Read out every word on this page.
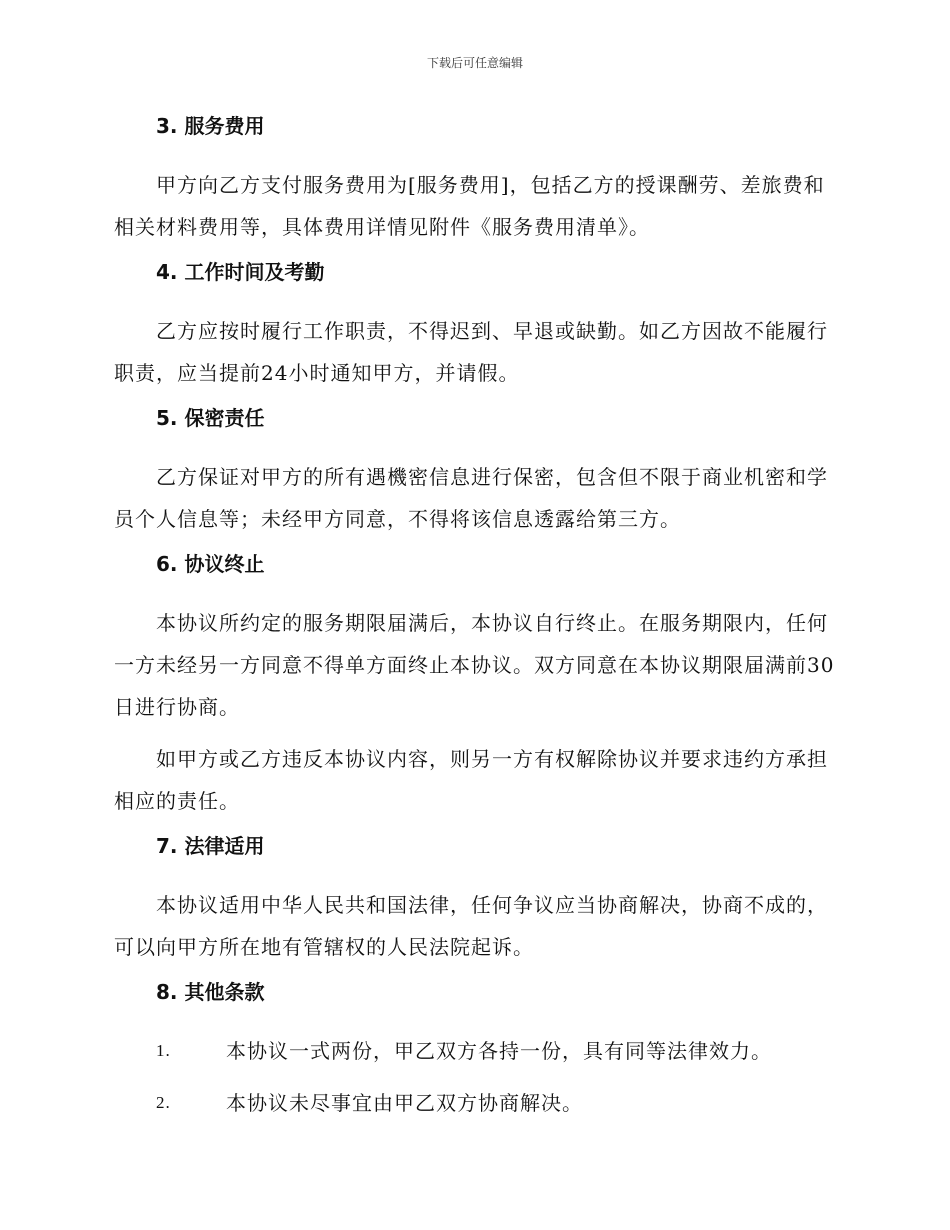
下载后可任意编辑
3. 服务费用

甲方向乙方支付服务费用为[服务费用]，包括乙方的授课酬劳、差旅费和相关材料费用等，具体费用详情见附件《服务费用清单》。

4. 工作时间及考勤

乙方应按时履行工作职责，不得迟到、早退或缺勤。如乙方因故不能履行职责，应当提前24小时通知甲方，并请假。

5. 保密责任

乙方保证对甲方的所有遇機密信息进行保密，包含但不限于商业机密和学员个人信息等；未经甲方同意，不得将该信息透露给第三方。

6. 协议终止

本协议所约定的服务期限届满后，本协议自行终止。在服务期限内，任何一方未经另一方同意不得单方面终止本协议。双方同意在本协议期限届满前30日进行协商。

如甲方或乙方违反本协议内容，则另一方有权解除协议并要求违约方承担相应的责任。

7. 法律适用

本协议适用中华人民共和国法律，任何争议应当协商解决，协商不成的，可以向甲方所在地有管辖权的人民法院起诉。

8. 其他条款
1.	本协议一式两份，甲乙双方各持一份，具有同等法律效力。
2.	本协议未尽事宜由甲乙双方协商解决。
